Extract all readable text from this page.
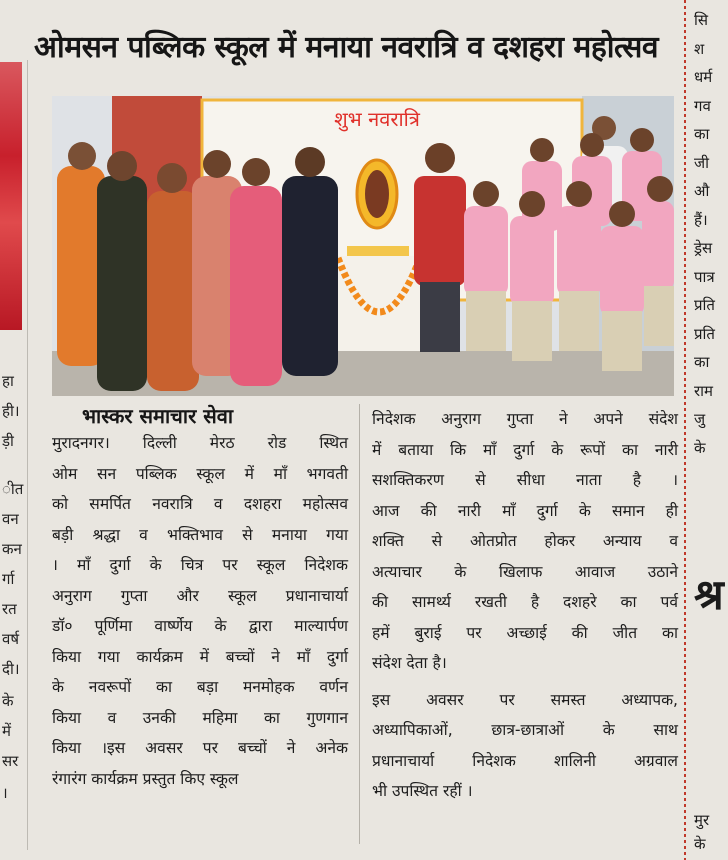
हा
ही।
ड़ी
ीत
वन
कन
र्गा
रत
वर्ष
दी।
के
में
सर
।
ओमसन पब्लिक स्कूल में मनाया नवरात्रि व दशहरा महोत्सव
शुभ नवरात्रि
भास्कर समाचार सेवा
मुरादनगर। दिल्ली मेरठ रोड स्थित
ओम सन पब्लिक स्कूल में माँ भगवती
को समर्पित नवरात्रि व दशहरा महोत्सव
बड़ी श्रद्धा व भक्तिभाव से मनाया गया
। माँ दुर्गा के चित्र पर स्कूल निदेशक
अनुराग गुप्ता और स्कूल प्रधानाचार्या
डॉ० पूर्णिमा वार्ष्णेय के द्वारा माल्यार्पण
किया गया कार्यक्रम में बच्चों ने माँ दुर्गा
के नवरूपों का बड़ा मनमोहक वर्णन
किया व उनकी महिमा का गुणगान
किया ।इस अवसर पर बच्चों ने अनेक
रंगारंग कार्यक्रम प्रस्तुत किए स्कूल
निदेशक अनुराग गुप्ता ने अपने संदेश
में बताया कि माँ दुर्गा के रूपों का नारी
सशक्तिकरण से सीधा नाता है ।
आज की नारी माँ दुर्गा के समान ही
शक्ति से ओतप्रोत होकर अन्याय व
अत्याचार के खिलाफ आवाज उठाने
की सामर्थ्य रखती है दशहरे का पर्व
हमें बुराई पर अच्छाई की जीत का
संदेश देता है।
इस अवसर पर समस्त अध्यापक,
अध्यापिकाओं, छात्र-छात्राओं के साथ
प्रधानाचार्या निदेशक शालिनी अग्रवाल
भी उपस्थित रहीं ।
सि
श
धर्म
गव
का
जी
औ
हैं।
ड्रेस
पात्र
प्रति
प्रति
का
राम
जु
के
श्र
मुर
के
